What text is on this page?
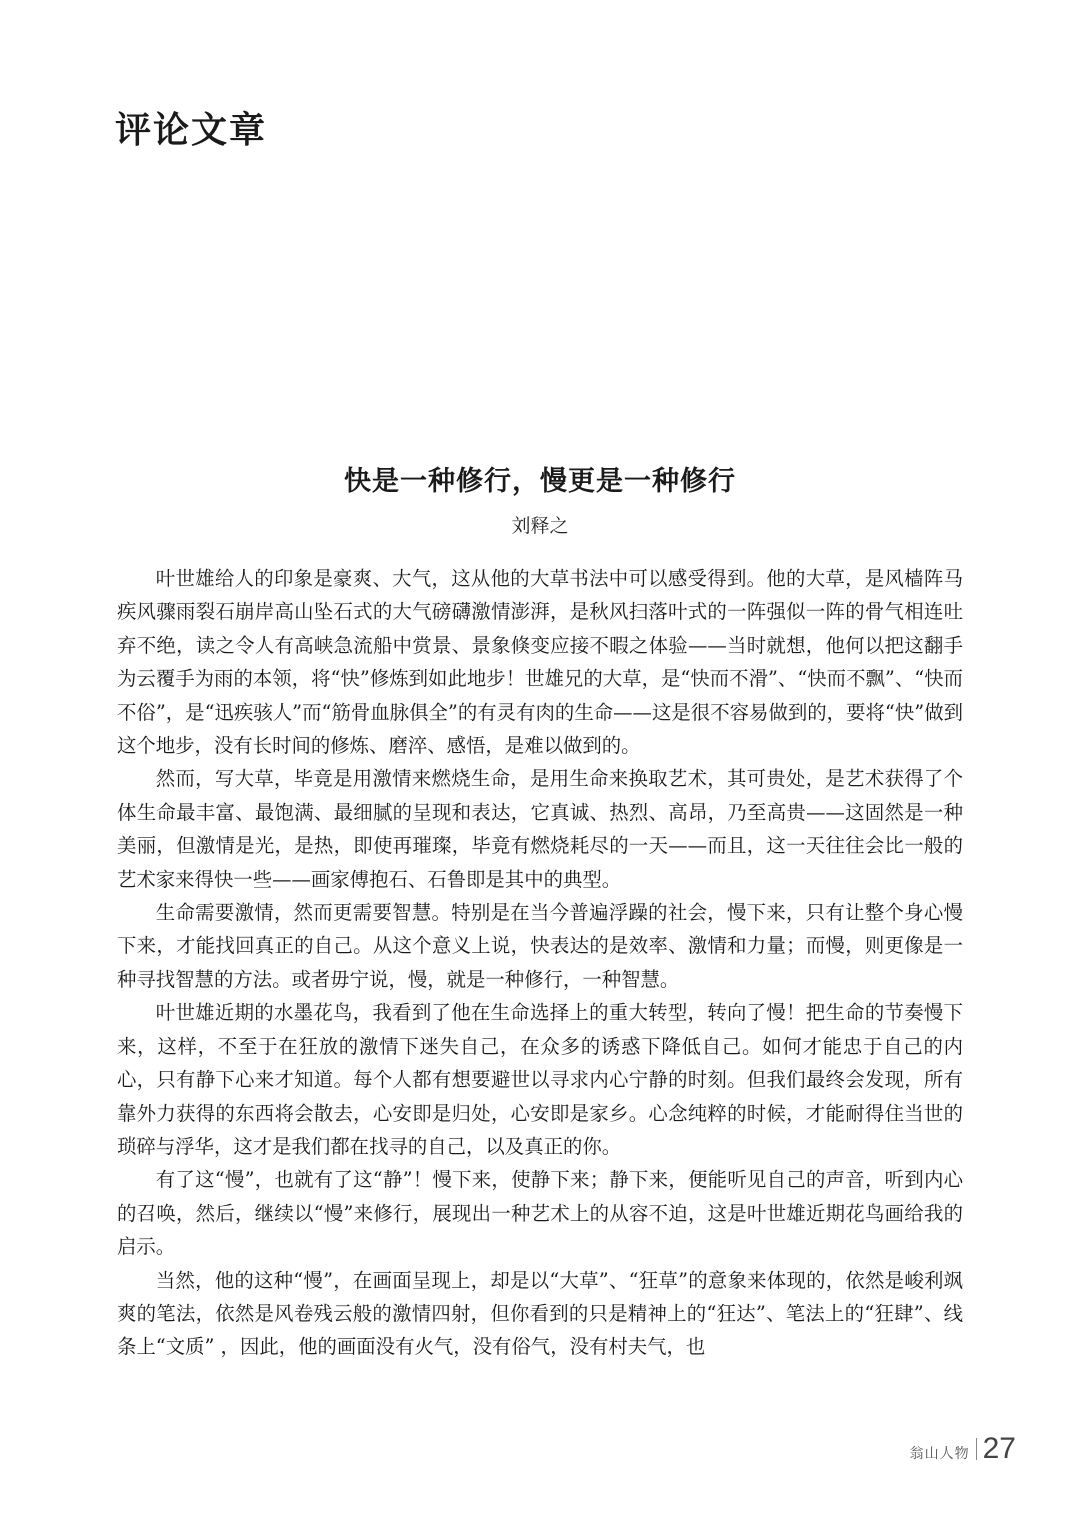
评论文章
快是一种修行，慢更是一种修行
刘释之

叶世雄给人的印象是豪爽、大气，这从他的大草书法中可以感受得到。他的大草，是风樯阵马疾风骤雨裂石崩岸高山坠石式的大气磅礴激情澎湃，是秋风扫落叶式的一阵强似一阵的骨气相连吐弃不绝，读之令人有高峡急流船中赏景、景象倏变应接不暇之体验——当时就想，他何以把这翻手为云覆手为雨的本领，将“快”修炼到如此地步！世雄兄的大草，是“快而不滑”、“快而不飘”、“快而不俗”，是“迅疾骇人”而“筋骨血脉俱全”的有灵有肉的生命——这是很不容易做到的，要将“快”做到这个地步，没有长时间的修炼、磨淬、感悟，是难以做到的。

然而，写大草，毕竟是用激情来燃烧生命，是用生命来换取艺术，其可贵处，是艺术获得了个体生命最丰富、最饱满、最细腻的呈现和表达，它真诚、热烈、高昂，乃至高贵——这固然是一种美丽，但激情是光，是热，即使再璀璨，毕竟有燃烧耗尽的一天——而且，这一天往往会比一般的艺术家来得快一些——画家傅抱石、石鲁即是其中的典型。

生命需要激情，然而更需要智慧。特别是在当今普遍浮躁的社会，慢下来，只有让整个身心慢下来，才能找回真正的自己。从这个意义上说，快表达的是效率、激情和力量；而慢，则更像是一种寻找智慧的方法。或者毋宁说，慢，就是一种修行，一种智慧。

叶世雄近期的水墨花鸟，我看到了他在生命选择上的重大转型，转向了慢！把生命的节奏慢下来，这样，不至于在狂放的激情下迷失自己，在众多的诱惑下降低自己。如何才能忠于自己的内心，只有静下心来才知道。每个人都有想要避世以寻求内心宁静的时刻。但我们最终会发现，所有靠外力获得的东西将会散去，心安即是归处，心安即是家乡。心念纯粹的时候，才能耐得住当世的琐碎与浮华，这才是我们都在找寻的自己，以及真正的你。

有了这“慢”，也就有了这“静”！慢下来，使静下来；静下来，便能听见自己的声音，听到内心的召唤，然后，继续以“慢”来修行，展现出一种艺术上的从容不迫，这是叶世雄近期花鸟画给我的启示。

当然，他的这种“慢”，在画面呈现上，却是以“大草”、“狂草”的意象来体现的，依然是峻利飒爽的笔法，依然是风卷残云般的激情四射，但你看到的只是精神上的“狂达”、笔法上的“狂肆”、线条上“文质” ，因此，他的画面没有火气，没有俗气，没有村夫气，也

翁山人物 27
